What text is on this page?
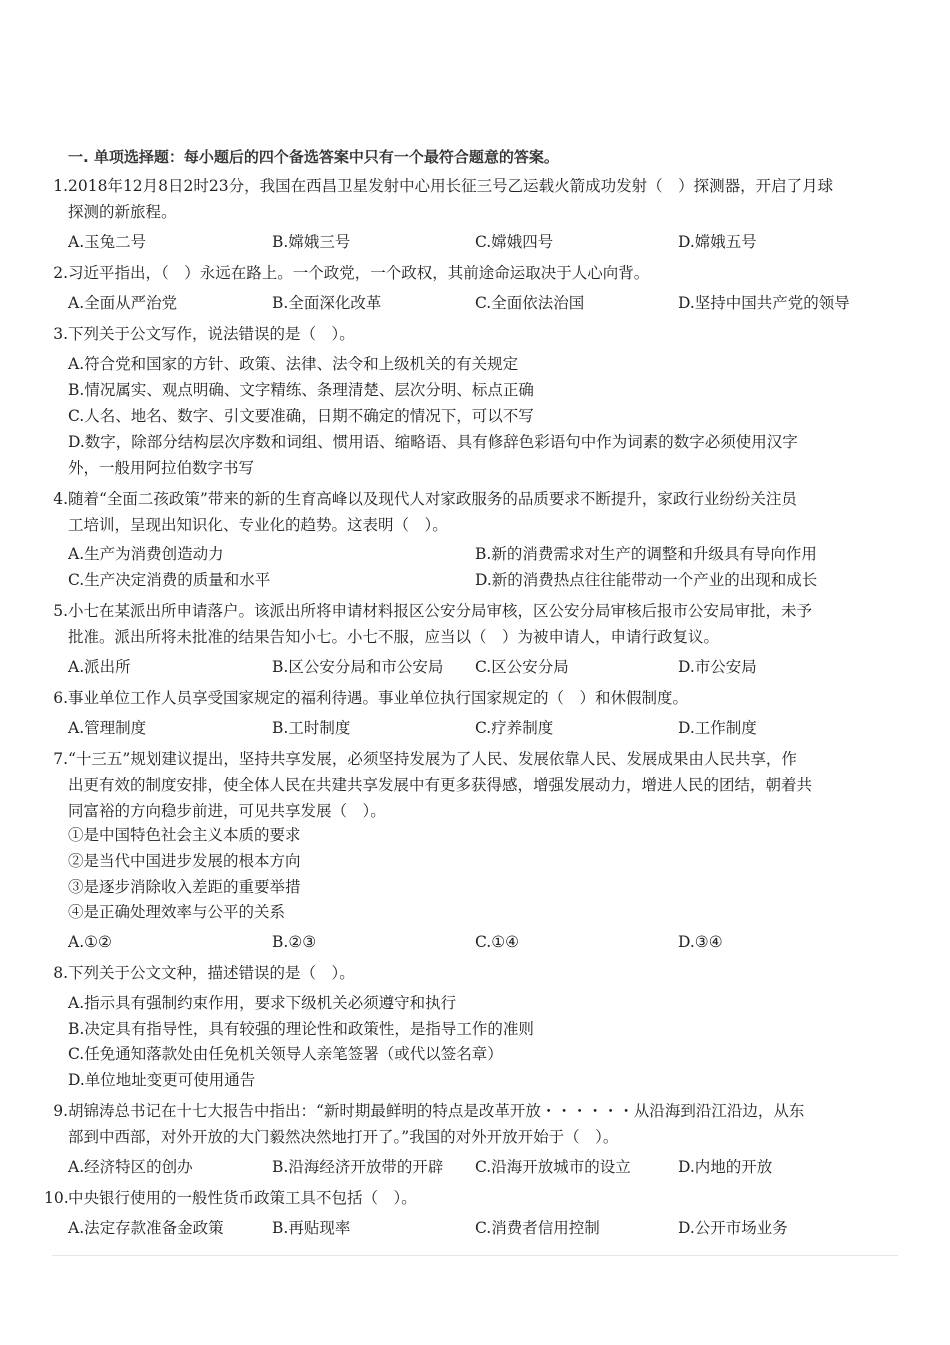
一. 单项选择题：每小题后的四个备选答案中只有一个最符合题意的答案。
1. 2018年12月8日2时23分，我国在西昌卫星发射中心用长征三号乙运载火箭成功发射（　）探测器，开启了月球
探测的新旅程。
A.玉兔二号	B.嫦娥三号	C.嫦娥四号	D.嫦娥五号
2. 习近平指出，（　）永远在路上。一个政党，一个政权，其前途命运取决于人心向背。
A.全面从严治党	B.全面深化改革	C.全面依法治国	D.坚持中国共产党的领导
3. 下列关于公文写作，说法错误的是（　）。
A.符合党和国家的方针、政策、法律、法令和上级机关的有关规定
B.情况属实、观点明确、文字精练、条理清楚、层次分明、标点正确
C.人名、地名、数字、引文要准确，日期不确定的情况下，可以不写
D.数字，除部分结构层次序数和词组、惯用语、缩略语、具有修辞色彩语句中作为词素的数字必须使用汉字
外，一般用阿拉伯数字书写
4. 随着“全面二孩政策”带来的新的生育高峰以及现代人对家政服务的品质要求不断提升，家政行业纷纷关注员
工培训，呈现出知识化、专业化的趋势。这表明（　）。
A.生产为消费创造动力	B.新的消费需求对生产的调整和升级具有导向作用
C.生产决定消费的质量和水平	D.新的消费热点往往能带动一个产业的出现和成长
5. 小七在某派出所申请落户。该派出所将申请材料报区公安分局审核，区公安分局审核后报市公安局审批，未予
批准。派出所将未批准的结果告知小七。小七不服，应当以（　）为被申请人，申请行政复议。
A.派出所	B.区公安分局和市公安局 C.区公安分局	D.市公安局
6. 事业单位工作人员享受国家规定的福利待遇。事业单位执行国家规定的（　）和休假制度。
A.管理制度	B.工时制度	C.疗养制度	D.工作制度
7. “十三五”规划建议提出，坚持共享发展，必须坚持发展为了人民、发展依靠人民、发展成果由人民共享，作
出更有效的制度安排，使全体人民在共建共享发展中有更多获得感，增强发展动力，增进人民的团结，朝着共
同富裕的方向稳步前进，可见共享发展（　）。
①是中国特色社会主义本质的要求
②是当代中国进步发展的根本方向
③是逐步消除收入差距的重要举措
④是正确处理效率与公平的关系
A.①②	B.②③	C.①④	D.③④
8. 下列关于公文文种，描述错误的是（　）。
A.指示具有强制约束作用，要求下级机关必须遵守和执行
B.决定具有指导性，具有较强的理论性和政策性，是指导工作的准则
C.任免通知落款处由任免机关领导人亲笔签署（或代以签名章）
D.单位地址变更可使用通告
9. 胡锦涛总书记在十七大报告中指出：“新时期最鲜明的特点是改革开放・・・・・・从沿海到沿江沿边，从东
部到中西部，对外开放的大门毅然决然地打开了。”我国的对外开放开始于（　）。
A.经济特区的创办	B.沿海经济开放带的开辟 C.沿海开放城市的设立	D.内地的开放
10. 中央银行使用的一般性货币政策工具不包括（　）。
A.法定存款准备金政策	B.再贴现率	C.消费者信用控制	D.公开市场业务
